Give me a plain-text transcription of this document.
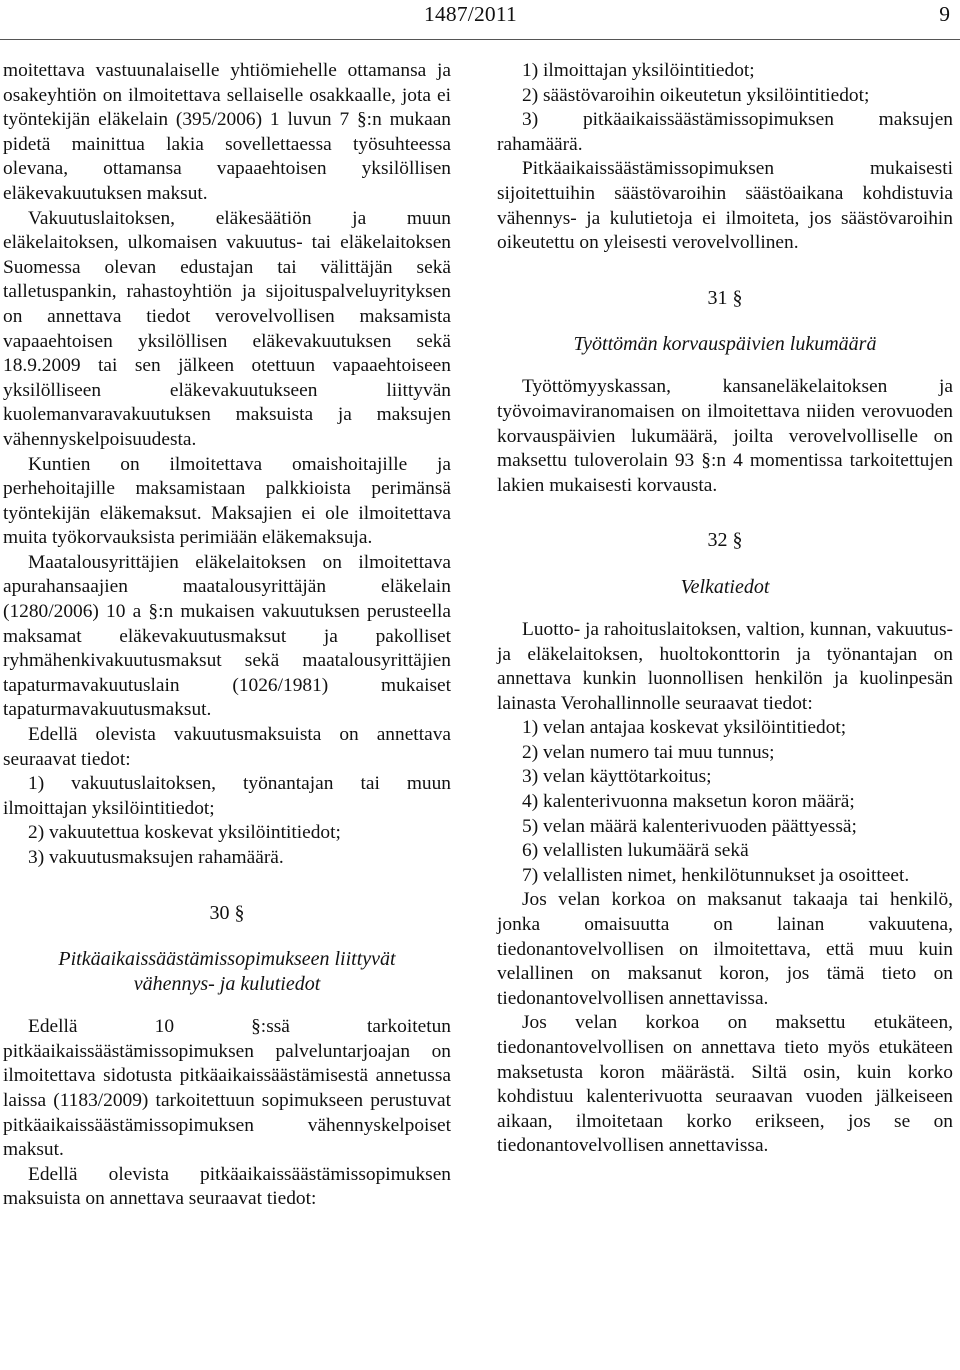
1487/2011	9

moitettava vastuunalaiselle yhtiömiehelle ottamansa ja osakeyhtiön on ilmoitettava sellaiselle osakkaalle, jota ei työntekijän eläkelain (395/2006) 1 luvun 7 §:n mukaan pidetä mainittua lakia sovellettaessa työsuhteessa olevana, ottamansa vapaaehtoisen yksilöllisen eläkevakuutuksen maksut.

Vakuutuslaitoksen, eläkesäätiön ja muun eläkelaitoksen, ulkomaisen vakuutus- tai eläkelaitoksen Suomessa olevan edustajan tai välittäjän sekä talletuspankin, rahastoyhtiön ja sijoituspalveluyrityksen on annettava tiedot verovelvollisen maksamista vapaaehtoisen yksilöllisen eläkevakuutuksen sekä 18.9.2009 tai sen jälkeen otettuun vapaaehtoiseen yksilölliseen eläkevakuutukseen liittyvän kuolemanvaravakuutuksen maksuista ja maksujen vähennyskelpoisuudesta.

Kuntien on ilmoitettava omaishoitajille ja perhehoitajille maksamistaan palkkioista perimänsä työntekijän eläkemaksut. Maksajien ei ole ilmoitettava muita työkorvauksista perimiään eläkemaksuja.

Maatalousyrittäjien eläkelaitoksen on ilmoitettava apurahansaajien maatalousyrittäjän eläkelain (1280/2006) 10 a §:n mukaisen vakuutuksen perusteella maksamat eläkevakuutusmaksut ja pakolliset ryhmähenkivakuutusmaksut sekä maatalousyrittäjien tapaturmavakuutuslain (1026/1981) mukaiset tapaturmavakuutusmaksut.

Edellä olevista vakuutusmaksuista on annettava seuraavat tiedot:

1) vakuutuslaitoksen, työnantajan tai muun ilmoittajan yksilöintitiedot;

2) vakuutettua koskevat yksilöintitiedot;

3) vakuutusmaksujen rahamäärä.

30 §
Pitkäaikaissäästämissopimukseen liittyvät
vähennys- ja kulutiedot

Edellä 10 §:ssä tarkoitetun pitkäaikaissäästämissopimuksen palveluntarjoajan on ilmoitettava sidotusta pitkäaikaissäästämisestä annetussa laissa (1183/2009) tarkoitettuun sopimukseen perustuvat pitkäaikaissäästämissopimuksen vähennyskelpoiset maksut.

Edellä olevista pitkäaikaissäästämissopimuksen maksuista on annettava seuraavat tiedot:

1) ilmoittajan yksilöintitiedot;

2) säästövaroihin oikeutetun yksilöintitiedot;

3) pitkäaikaissäästämissopimuksen maksujen rahamäärä.

Pitkäaikaissäästämissopimuksen mukaisesti sijoitettuihin säästövaroihin säästöaikana kohdistuvia vähennys- ja kulutietoja ei ilmoiteta, jos säästövaroihin oikeutettu on yleisesti verovelvollinen.

31 §
Työttömän korvauspäivien lukumäärä

Työttömyyskassan, kansaneläkelaitoksen ja työvoimaviranomaisen on ilmoitettava niiden verovuoden korvauspäivien lukumäärä, joilta verovelvolliselle on maksettu tuloverolain 93 §:n 4 momentissa tarkoitettujen lakien mukaisesti korvausta.

32 §
Velkatiedot

Luotto- ja rahoituslaitoksen, valtion, kunnan, vakuutus- ja eläkelaitoksen, huoltokonttorin ja työnantajan on annettava kunkin luonnollisen henkilön ja kuolinpesän lainasta Verohallinnolle seuraavat tiedot:

1) velan antajaa koskevat yksilöintitiedot;

2) velan numero tai muu tunnus;

3) velan käyttötarkoitus;

4) kalenterivuonna maksetun koron määrä;

5) velan määrä kalenterivuoden päättyessä;

6) velallisten lukumäärä sekä

7) velallisten nimet, henkilötunnukset ja osoitteet.

Jos velan korkoa on maksanut takaaja tai henkilö, jonka omaisuutta on lainan vakuutena, tiedonantovelvollisen on ilmoitettava, että muu kuin velallinen on maksanut koron, jos tämä tieto on tiedonantovelvollisen annettavissa.

Jos velan korkoa on maksettu etukäteen, tiedonantovelvollisen on annettava tieto myös etukäteen maksetusta koron määrästä. Siltä osin, kuin korko kohdistuu kalenterivuotta seuraavan vuoden jälkeiseen aikaan, ilmoitetaan korko erikseen, jos se on tiedonantovelvollisen annettavissa.
